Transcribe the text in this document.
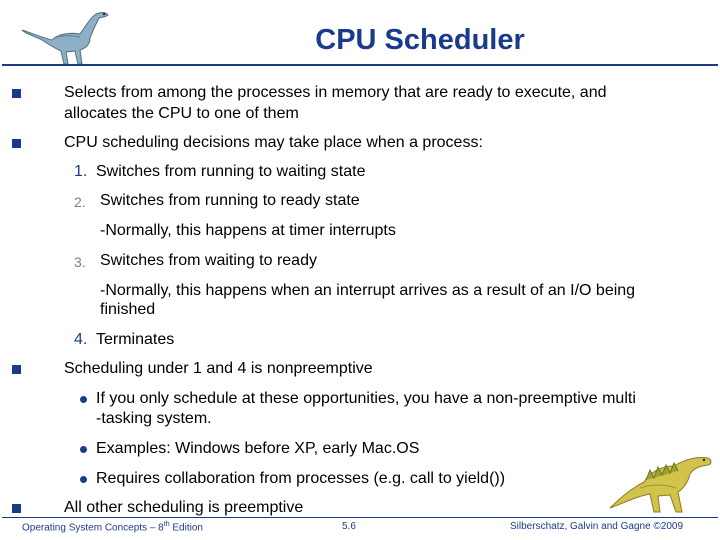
CPU Scheduler
Selects from among the processes in memory that are ready to execute, and
allocates the CPU to one of them
CPU scheduling decisions may take place when a process:
1. Switches from running to waiting state
2. Switches from running to ready state
-Normally, this happens at timer interrupts
3. Switches from waiting to ready
-Normally, this happens when an interrupt arrives as a result of an I/O being
finished
4. Terminates
Scheduling under 1 and 4 is nonpreemptive
If you only schedule at these opportunities, you have a non-preemptive multi
-tasking system.
Examples: Windows before XP, early Mac.OS
Requires collaboration from processes (e.g. call to yield())
All other scheduling is preemptive
Operating System Concepts – 8th Edition	5.6	Silberschatz, Galvin and Gagne ©2009
